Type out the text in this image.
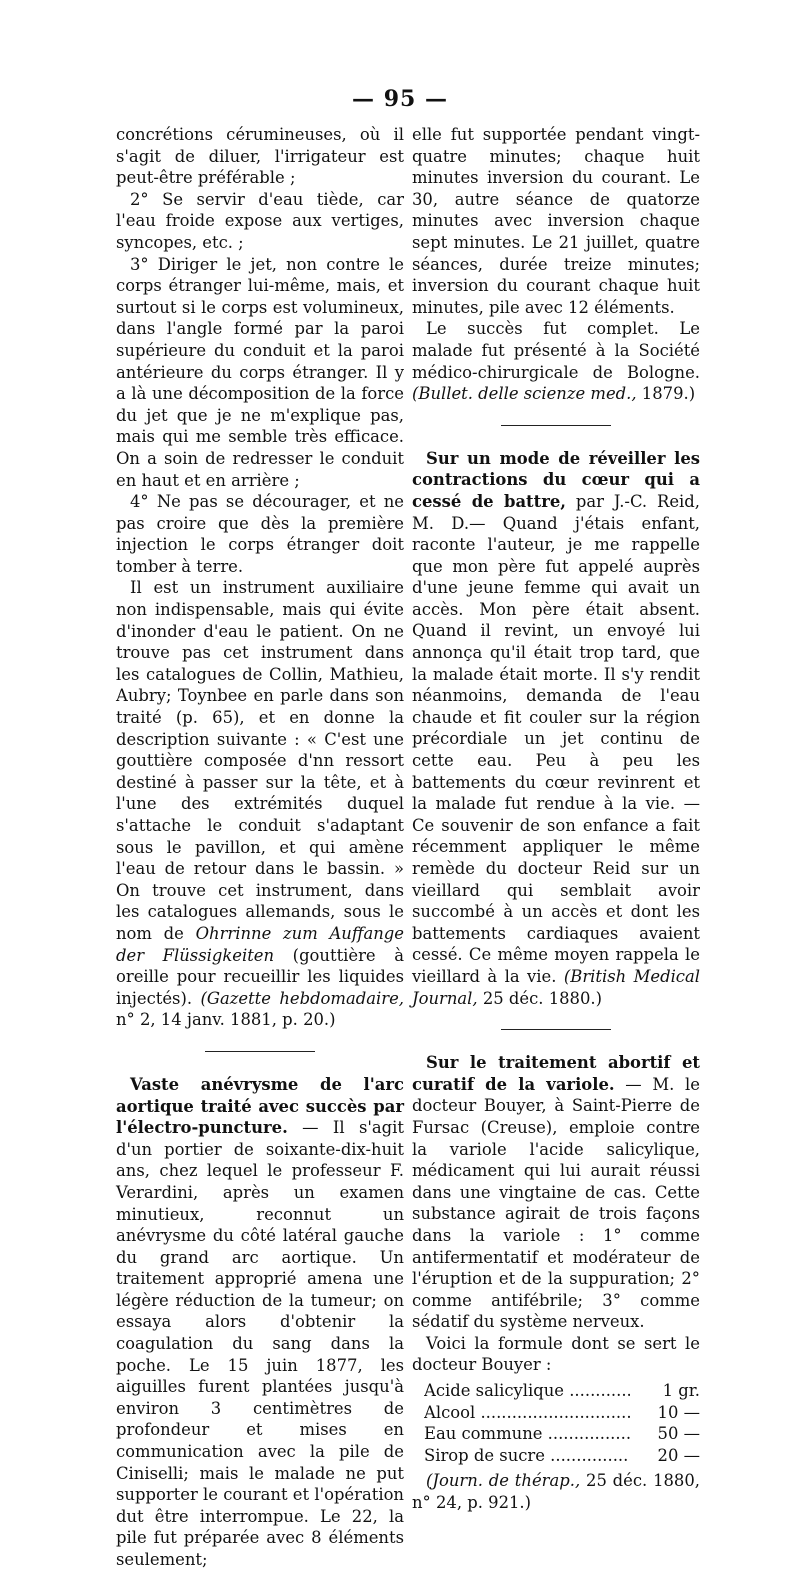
— 95 —

concrétions cérumineuses, où il s'agit de diluer, l'irrigateur est peut-être préférable ;

2° Se servir d'eau tiède, car l'eau froide expose aux vertiges, syncopes, etc. ;

3° Diriger le jet, non contre le corps étranger lui-même, mais, et surtout si le corps est volumineux, dans l'angle formé par la paroi supérieure du conduit et la paroi antérieure du corps étranger. Il y a là une décomposition de la force du jet que je ne m'explique pas, mais qui me semble très efficace. On a soin de redresser le conduit en haut et en arrière ;

4° Ne pas se décourager, et ne pas croire que dès la première injection le corps étranger doit tomber à terre.

Il est un instrument auxiliaire non indispensable, mais qui évite d'inonder d'eau le patient. On ne trouve pas cet instrument dans les catalogues de Collin, Mathieu, Aubry; Toynbee en parle dans son traité (p. 65), et en donne la description suivante : « C'est une gouttière composée d'nn ressort destiné à passer sur la tête, et à l'une des extrémités duquel s'attache le conduit s'adaptant sous le pavillon, et qui amène l'eau de retour dans le bassin. » On trouve cet instrument, dans les catalogues allemands, sous le nom de Ohrrinne zum Auffange der Flüssigkeiten (gouttière à oreille pour recueillir les liquides injectés). (Gazette hebdomadaire, n° 2, 14 janv. 1881, p. 20.)

Vaste anévrysme de l'arc aortique traité avec succès par l'électro-puncture. — Il s'agit d'un portier de soixante-dix-huit ans, chez lequel le professeur F. Verardini, après un examen minutieux, reconnut un anévrysme du côté latéral gauche du grand arc aortique. Un traitement approprié amena une légère réduction de la tumeur; on essaya alors d'obtenir la coagulation du sang dans la poche. Le 15 juin 1877, les aiguilles furent plantées jusqu'à environ 3 centimètres de profondeur et mises en communication avec la pile de Ciniselli; mais le malade ne put supporter le courant et l'opération dut être interrompue. Le 22, la pile fut préparée avec 8 éléments seulement;

elle fut supportée pendant vingt-quatre minutes; chaque huit minutes inversion du courant. Le 30, autre séance de quatorze minutes avec inversion chaque sept minutes. Le 21 juillet, quatre séances, durée treize minutes; inversion du courant chaque huit minutes, pile avec 12 éléments.

Le succès fut complet. Le malade fut présenté à la Société médico-chirurgicale de Bologne. (Bullet. delle scienze med., 1879.)

Sur un mode de réveiller les contractions du cœur qui a cessé de battre, par J.-C. Reid, M. D.— Quand j'étais enfant, raconte l'auteur, je me rappelle que mon père fut appelé auprès d'une jeune femme qui avait un accès. Mon père était absent. Quand il revint, un envoyé lui annonça qu'il était trop tard, que la malade était morte. Il s'y rendit néanmoins, demanda de l'eau chaude et fit couler sur la région précordiale un jet continu de cette eau. Peu à peu les battements du cœur revinrent et la malade fut rendue à la vie. — Ce souvenir de son enfance a fait récemment appliquer le même remède du docteur Reid sur un vieillard qui semblait avoir succombé à un accès et dont les battements cardiaques avaient cessé. Ce même moyen rappela le vieillard à la vie. (British Medical Journal, 25 déc. 1880.)

Sur le traitement abortif et curatif de la variole. — M. le docteur Bouyer, à Saint-Pierre de Fursac (Creuse), emploie contre la variole l'acide salicylique, médicament qui lui aurait réussi dans une vingtaine de cas. Cette substance agirait de trois façons dans la variole : 1° comme antifermentatif et modérateur de l'éruption et de la suppuration; 2° comme antifébrile; 3° comme sédatif du système nerveux.

Voici la formule dont se sert le docteur Bouyer :

Acide salicylique .....	1 gr.
Alcool .....	10 —
Eau commune .....	50 —
Sirop de sucre .....	20 —

(Journ. de thérap., 25 déc. 1880, n° 24, p. 921.)
